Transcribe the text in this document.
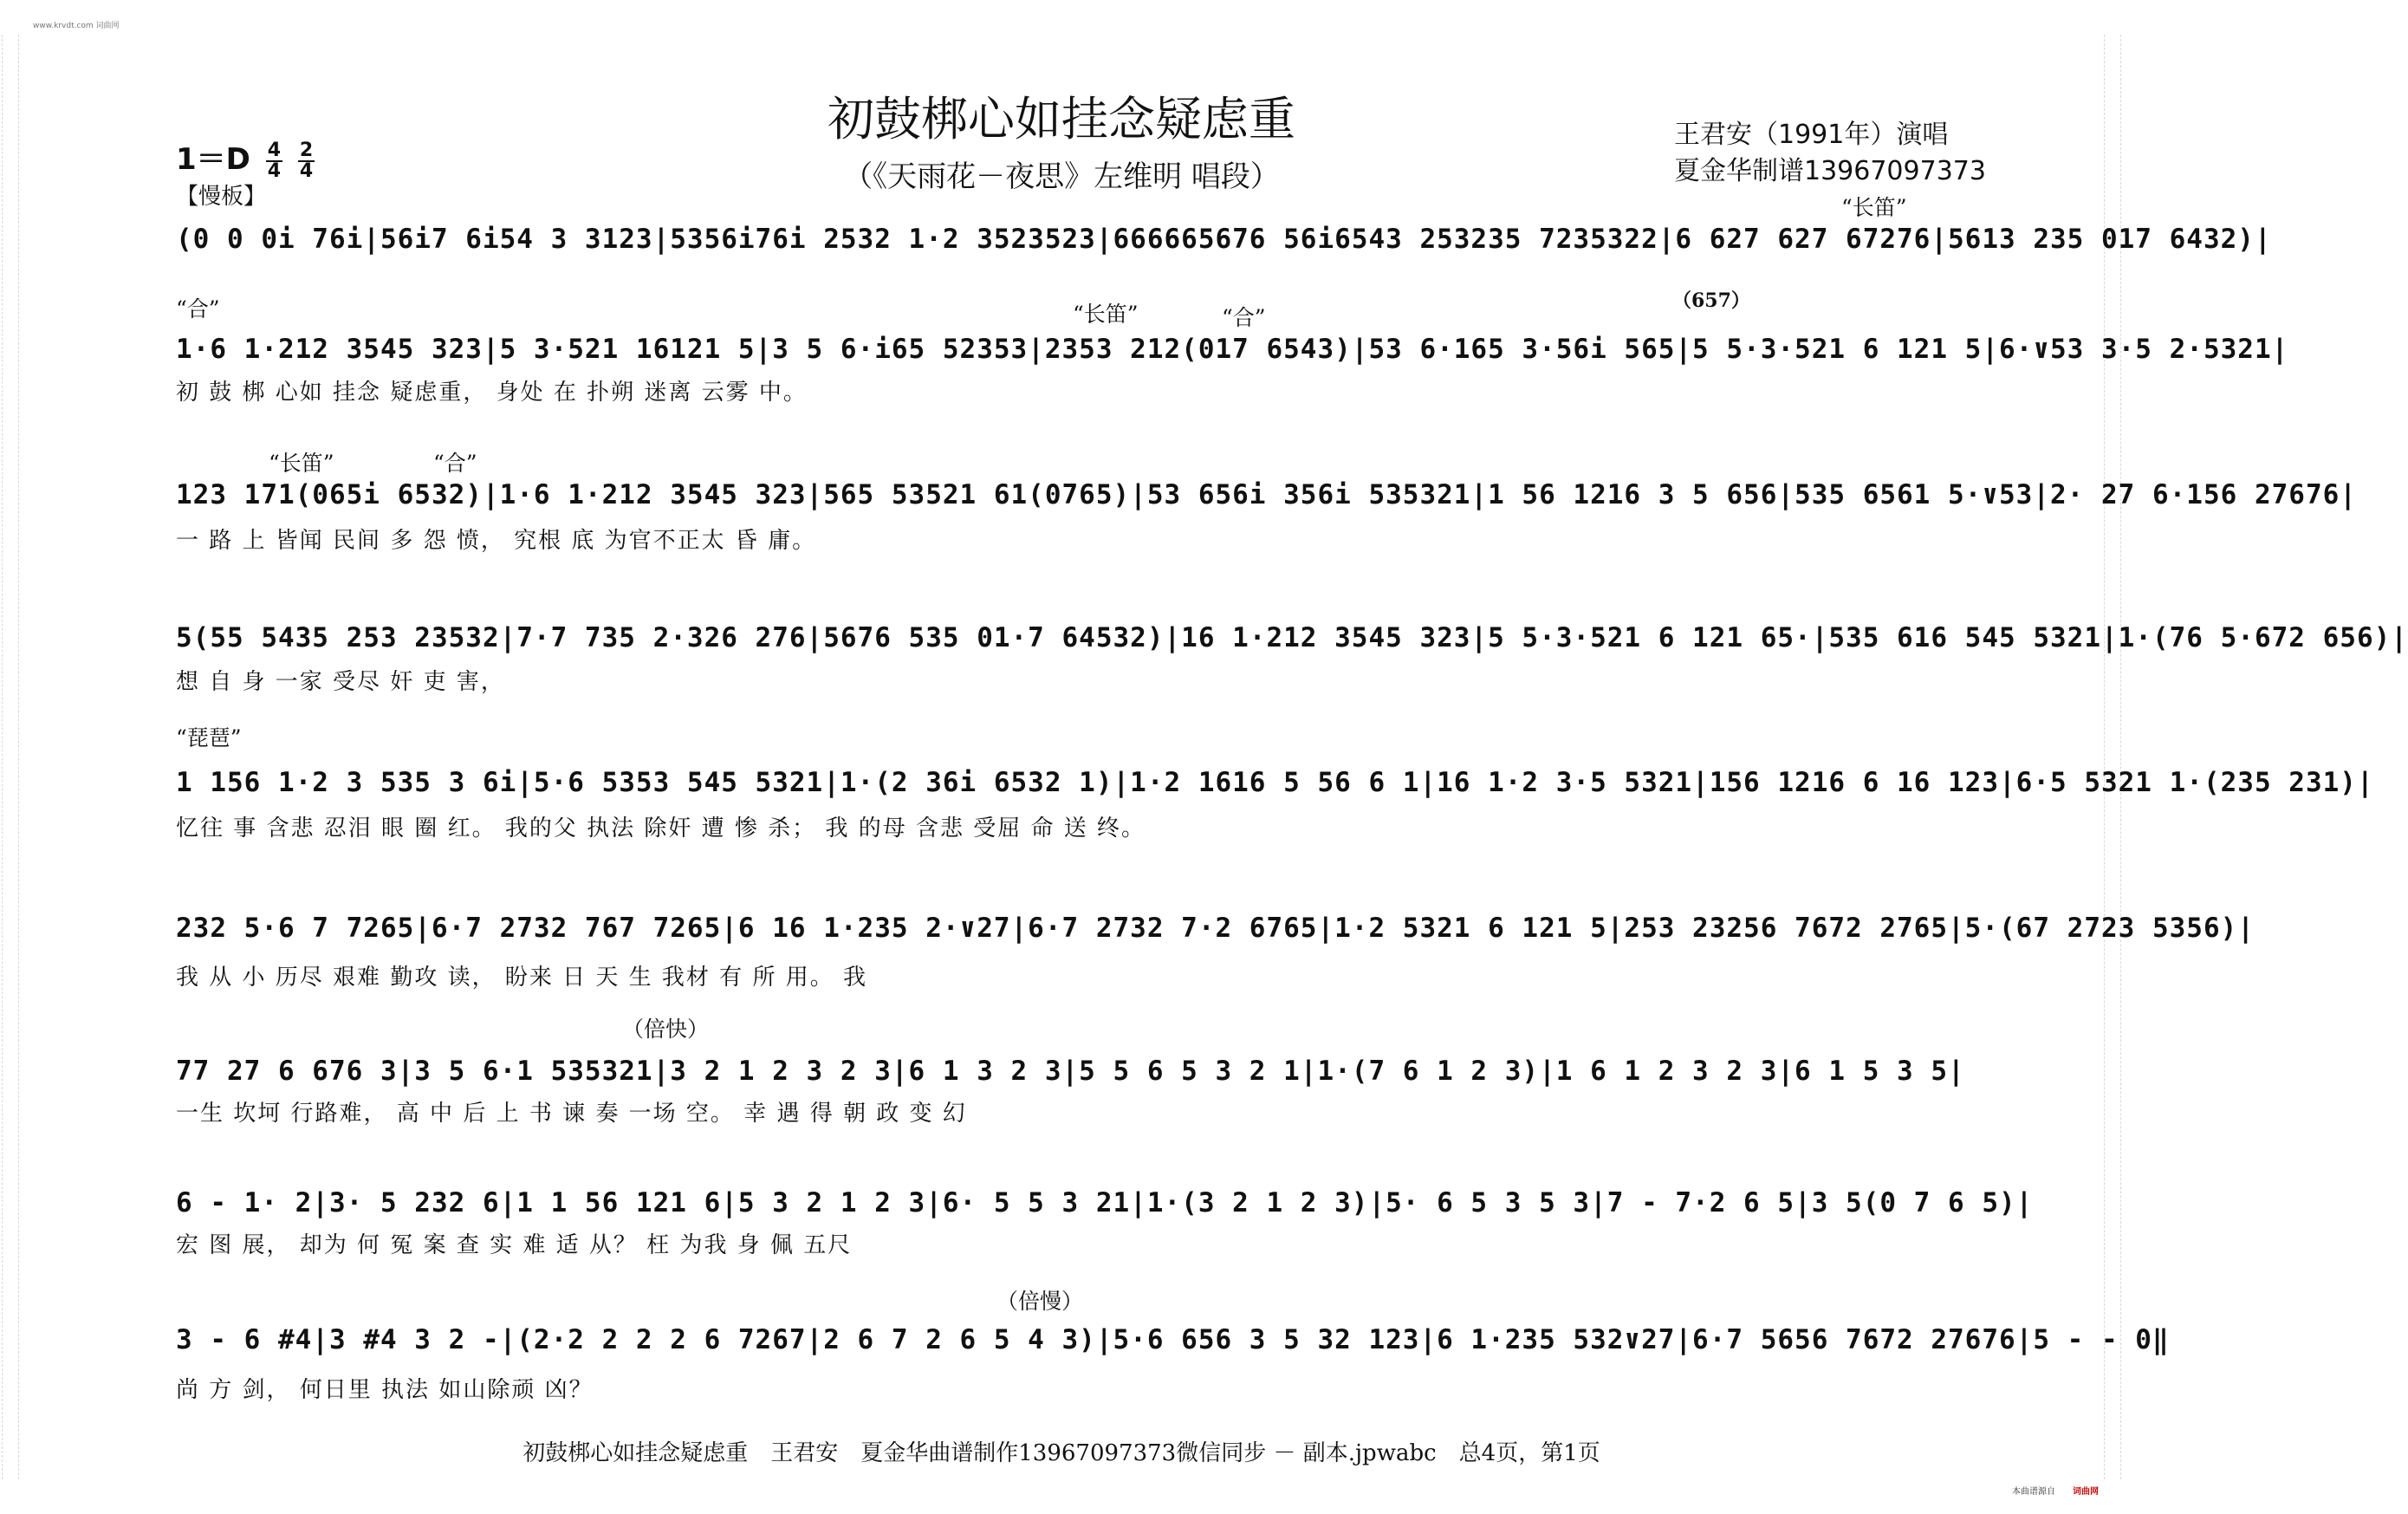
www.krvdt.com 词曲网
初鼓梆心如挂念疑虑重
（《天雨花－夜思》左维明 唱段）
王君安（1991年）演唱
夏金华制谱13967097373
$1=D \frac{4}{4}$
$\frac{2}{4}$
【慢板】	“长笛”
“合”	“长笛”	“合”
（657）
“长笛”	“合”
“琵琶”
（倍快）
（倍慢）
(0 0 0i 76i|56i7 6i54 3 3123|5356i76i 2532 1·2 3523523|666665676 56i6543 253235 7235322|6 627 627 67276|5613 235 017 6432)|
1·6 1·212 3545 323|5 3·521 16121 5|3 5 6·i65 52353|2353 212(017 6543)|53 6·165 3·56i 565|5 5·3·521 6 121 5|6·∨53 3·5 2·5321|
初 鼓 梆 心如 挂念 疑虑重， 身处 在 扑朔 迷离 云雾 中。
123 171(065i 6532)|1·6 1·212 3545 323|565 53521 61(0765)|53 656i 356i 535321|1 56 1216 3 5 656|535 6561 5·∨53|2· 27 6·156 27676|
一 路 上 皆闻 民间 多 怨 愤， 究根 底 为官不正太 昏 庸。
5(55 5435 253 23532|7·7 735 2·326 276|5676 535 01·7 64532)|16 1·212 3545 323|5 5·3·521 6 121 65·|535 616 545 5321|1·(76 5·672 656)|
想 自 身 一家 受尽 奸 吏 害，
1 156 1·2 3 535 3 6i|5·6 5353 545 5321|1·(2 36i 6532 1)|1·2 1616 5 56 6 1|16 1·2 3·5 5321|156 1216 6 16 123|6·5 5321 1·(235 231)|
忆往 事 含悲 忍泪 眼 圈 红。 我的父 执法 除奸 遭 惨 杀； 我 的母 含悲 受屈 命 送 终。
232 5·6 7 7265|6·7 2732 767 7265|6 16 1·235 2·∨27|6·7 2732 7·2 6765|1·2 5321 6 121 5|253 23256 7672 2765|5·(67 2723 5356)|
我 从 小 历尽 艰难 勤攻 读， 盼来 日 天 生 我材 有 所 用。 我
77 27 6 676 3|3 5 6·1 535321|3 2 1 2 3 2 3|6 1 3 2 3|5 5 6 5 3 2 1|1·(7 6 1 2 3)|1 6 1 2 3 2 3|6 1 5 3 5|
一生 坎坷 行路难， 高 中 后 上 书 谏 奏 一场 空。 幸 遇 得 朝 政 变 幻
6 - 1· 2|3· 5 232 6|1 1 56 121 6|5 3 2 1 2 3|6· 5 5 3 21|1·(3 2 1 2 3)|5· 6 5 3 5 3|7 - 7·2 6 5|3 5(0 7 6 5)|
宏 图 展， 却为 何 冤 案 查 实 难 适 从？ 枉 为我 身 佩 五尺
3 - 6 #4|3 #4 3 2 -|(2·2 2 2 2 6 7267|2 6 7 2 6 5 4 3)|5·6 656 3 5 32 123|6 1·235 532∨27|6·7 5656 7672 27676|5 - - 0‖
尚 方 剑， 何日里 执法 如山除顽 凶？
初鼓梆心如挂念疑虑重　王君安　夏金华曲谱制作13967097373微信同步 － 副本.jpwabc　总4页，第1页
本曲谱源自 词曲网
